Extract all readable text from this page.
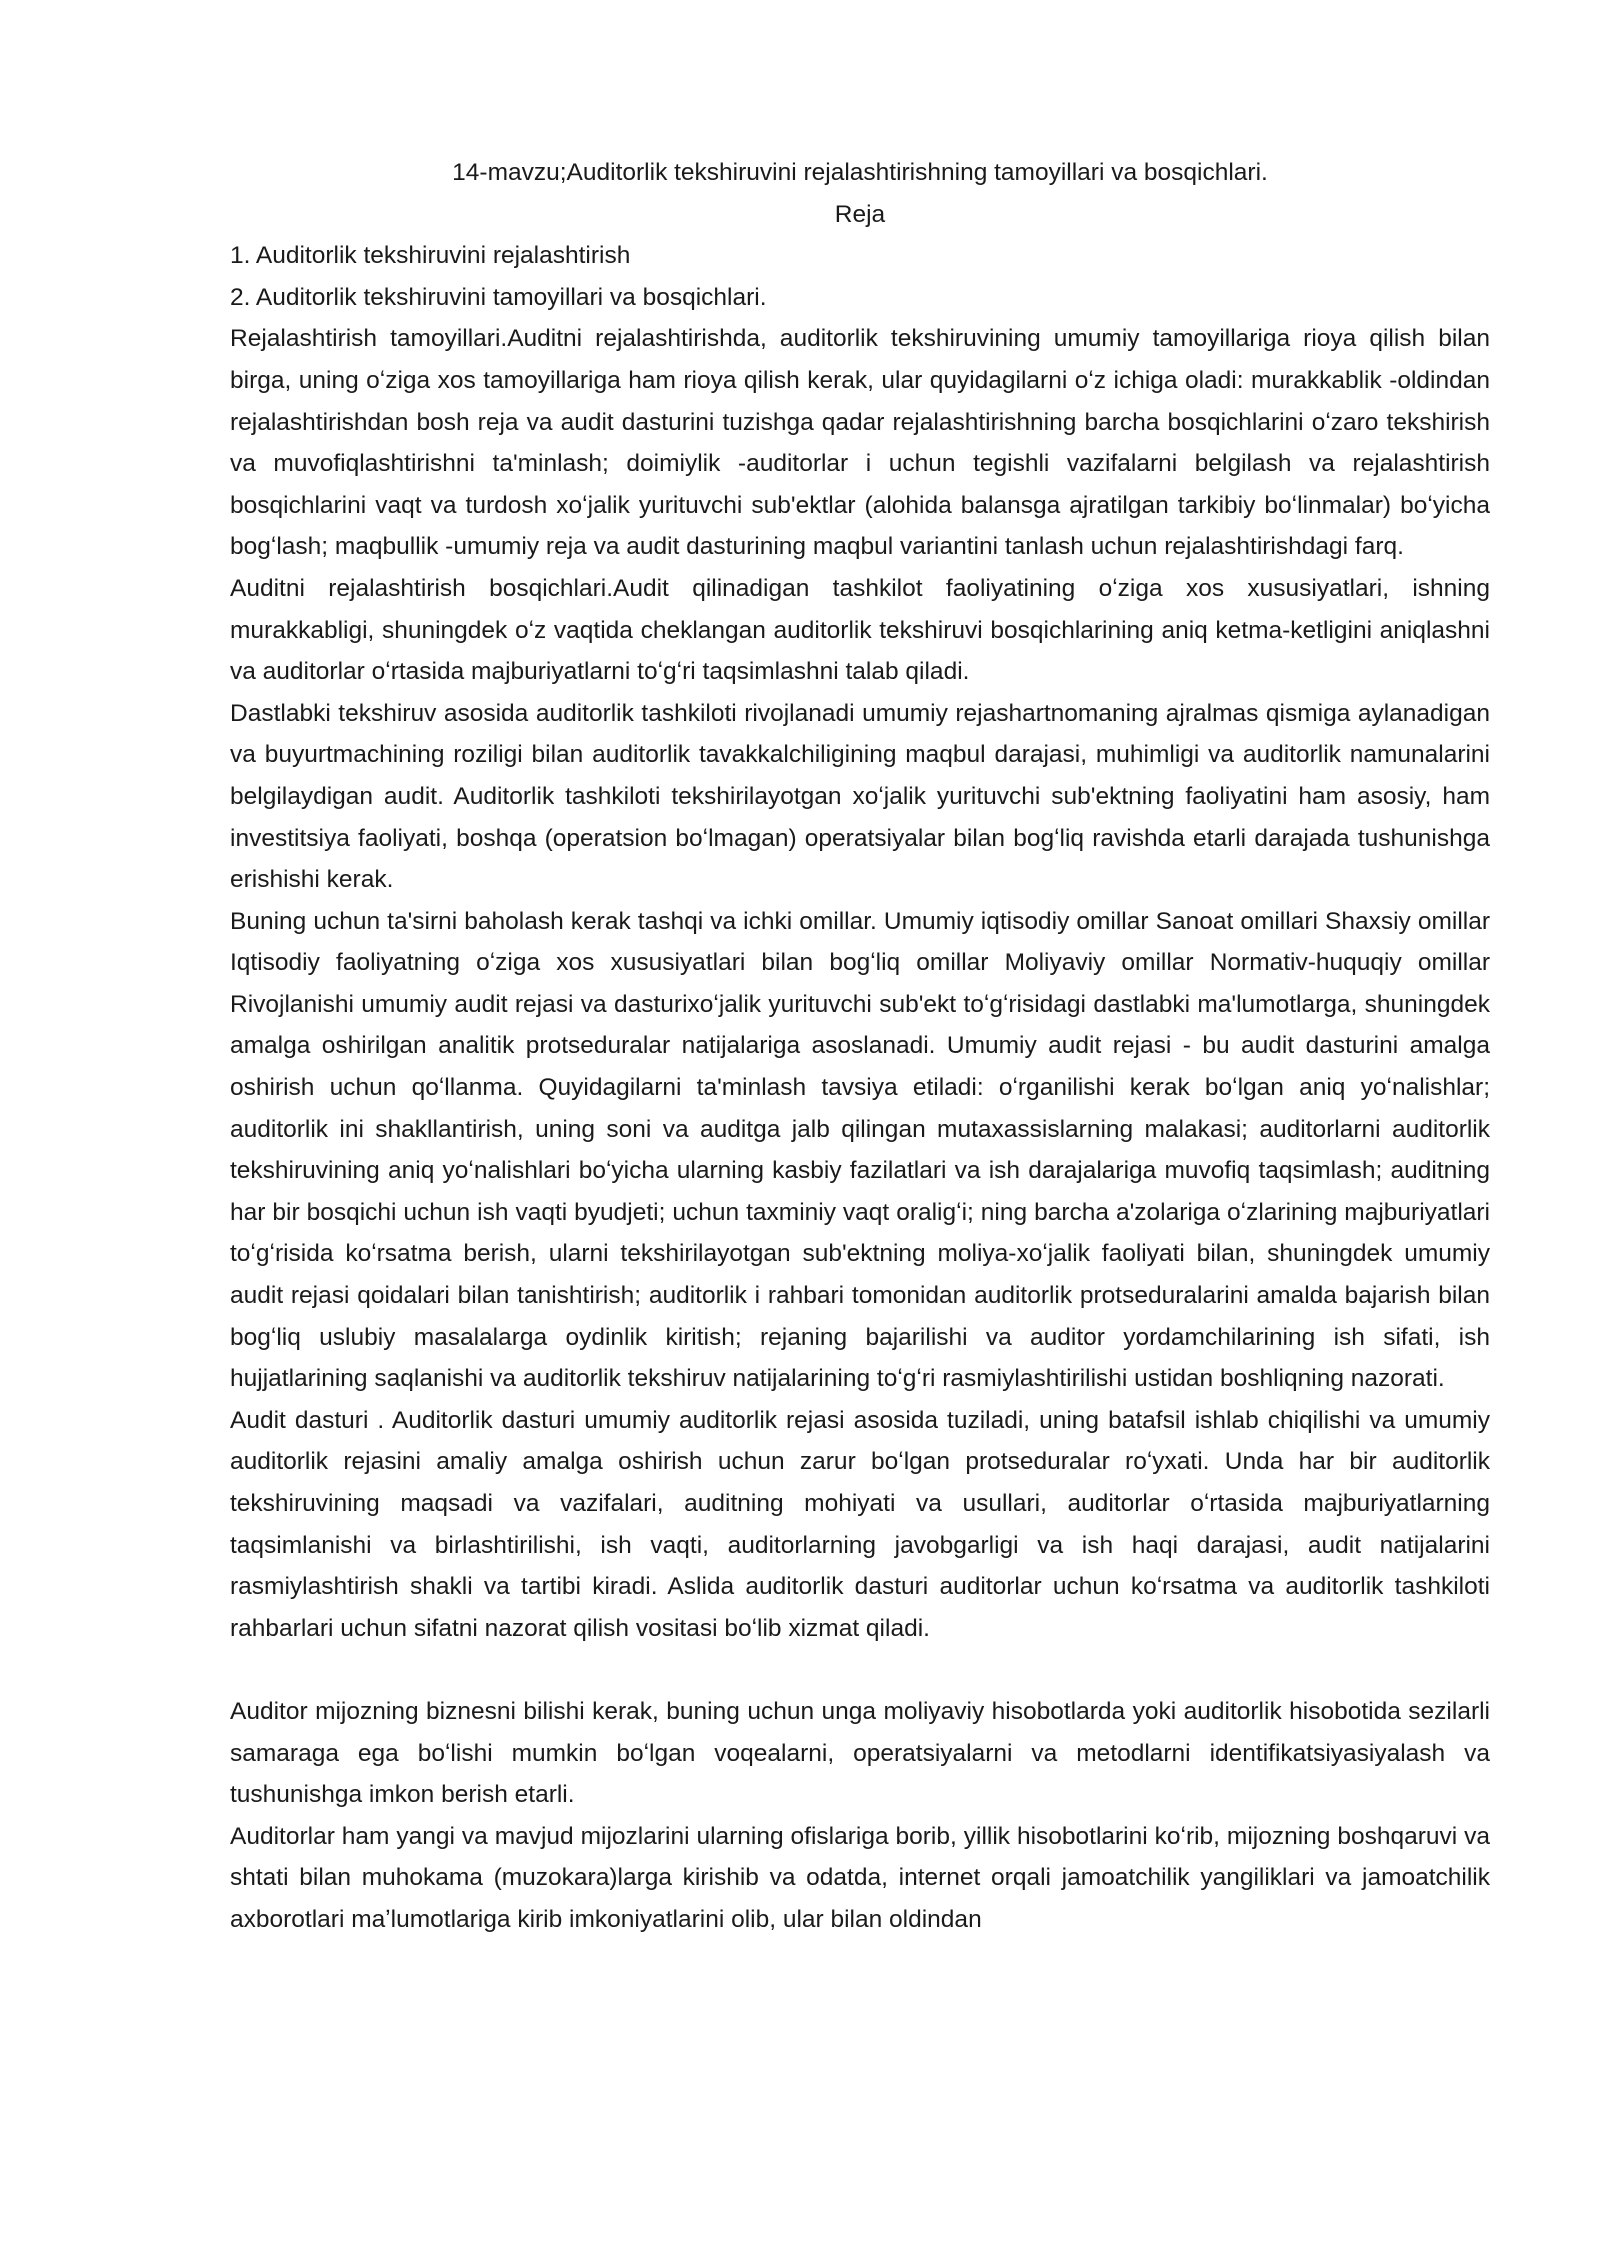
14-mavzu;Auditorlik tekshiruvini rejalashtirishning tamoyillari va bosqichlari.

Reja

1. Auditorlik tekshiruvini rejalashtirish

2. Auditorlik tekshiruvini tamoyillari va bosqichlari.

Rejalashtirish tamoyillari.Auditni rejalashtirishda, auditorlik tekshiruvining umumiy tamoyillariga rioya qilish bilan birga, uning oʻziga xos tamoyillariga ham rioya qilish kerak, ular quyidagilarni oʻz ichiga oladi: murakkablik -oldindan rejalashtirishdan bosh reja va audit dasturini tuzishga qadar rejalashtirishning barcha bosqichlarini oʻzaro tekshirish va muvofiqlashtirishni ta'minlash; doimiylik -auditorlar i uchun tegishli vazifalarni belgilash va rejalashtirish bosqichlarini vaqt va turdosh xoʻjalik yurituvchi sub'ektlar (alohida balansga ajratilgan tarkibiy boʻlinmalar) boʻyicha bogʻlash; maqbullik -umumiy reja va audit dasturining maqbul variantini tanlash uchun rejalashtirishdagi farq.

Auditni rejalashtirish bosqichlari.Audit qilinadigan tashkilot faoliyatining oʻziga xos xususiyatlari, ishning murakkabligi, shuningdek oʻz vaqtida cheklangan auditorlik tekshiruvi bosqichlarining aniq ketma-ketligini aniqlashni va auditorlar oʻrtasida majburiyatlarni toʻgʻri taqsimlashni talab qiladi.

Dastlabki tekshiruv asosida auditorlik tashkiloti rivojlanadi umumiy rejashartnomaning ajralmas qismiga aylanadigan va buyurtmachining roziligi bilan auditorlik tavakkalchiligining maqbul darajasi, muhimligi va auditorlik namunalarini belgilaydigan audit. Auditorlik tashkiloti tekshirilayotgan xoʻjalik yurituvchi sub'ektning faoliyatini ham asosiy, ham investitsiya faoliyati, boshqa (operatsion boʻlmagan) operatsiyalar bilan bogʻliq ravishda etarli darajada tushunishga erishishi kerak.

Buning uchun ta'sirni baholash kerak tashqi va ichki omillar. Umumiy iqtisodiy omillar Sanoat omillari Shaxsiy omillar Iqtisodiy faoliyatning oʻziga xos xususiyatlari bilan bogʻliq omillar Moliyaviy omillar Normativ-huquqiy omillar Rivojlanishi umumiy audit rejasi va dasturixoʻjalik yurituvchi sub'ekt toʻgʻrisidagi dastlabki ma'lumotlarga, shuningdek amalga oshirilgan analitik protseduralar natijalariga asoslanadi. Umumiy audit rejasi - bu audit dasturini amalga oshirish uchun qoʻllanma. Quyidagilarni ta'minlash tavsiya etiladi: oʻrganilishi kerak boʻlgan aniq yoʻnalishlar; auditorlik ini shakllantirish, uning soni va auditga jalb qilingan mutaxassislarning malakasi; auditorlarni auditorlik tekshiruvining aniq yoʻnalishlari boʻyicha ularning kasbiy fazilatlari va ish darajalariga muvofiq taqsimlash; auditning har bir bosqichi uchun ish vaqti byudjeti; uchun taxminiy vaqt oraligʻi; ning barcha a'zolariga oʻzlarining majburiyatlari toʻgʻrisida koʻrsatma berish, ularni tekshirilayotgan sub'ektning moliya-xoʻjalik faoliyati bilan, shuningdek umumiy audit rejasi qoidalari bilan tanishtirish; auditorlik i rahbari tomonidan auditorlik protseduralarini amalda bajarish bilan bogʻliq uslubiy masalalarga oydinlik kiritish; rejaning bajarilishi va auditor yordamchilarining ish sifati, ish hujjatlarining saqlanishi va auditorlik tekshiruv natijalarining toʻgʻri rasmiylashtirilishi ustidan boshliqning nazorati.

Audit dasturi . Auditorlik dasturi umumiy auditorlik rejasi asosida tuziladi, uning batafsil ishlab chiqilishi va umumiy auditorlik rejasini amaliy amalga oshirish uchun zarur boʻlgan protseduralar roʻyxati. Unda har bir auditorlik tekshiruvining maqsadi va vazifalari, auditning mohiyati va usullari, auditorlar oʻrtasida majburiyatlarning taqsimlanishi va birlashtirilishi, ish vaqti, auditorlarning javobgarligi va ish haqi darajasi, audit natijalarini rasmiylashtirish shakli va tartibi kiradi. Aslida auditorlik dasturi auditorlar uchun koʻrsatma va auditorlik tashkiloti rahbarlari uchun sifatni nazorat qilish vositasi boʻlib xizmat qiladi.

Auditor mijozning biznesni bilishi kerak, buning uchun unga moliyaviy hisobotlarda yoki auditorlik hisobotida sezilarli samaraga ega boʻlishi mumkin boʻlgan voqealarni, operatsiyalarni va metodlarni identifikatsiyasiyalash va tushunishga imkon berish etarli.

Auditorlar ham yangi va mavjud mijozlarini ularning ofislariga borib, yillik hisobotlarini koʻrib, mijozning boshqaruvi va shtati bilan muhokama (muzokara)larga kirishib va odatda, internet orqali jamoatchilik yangiliklari va jamoatchilik axborotlari maʼlumotlariga kirib imkoniyatlarini olib, ular bilan oldindan
